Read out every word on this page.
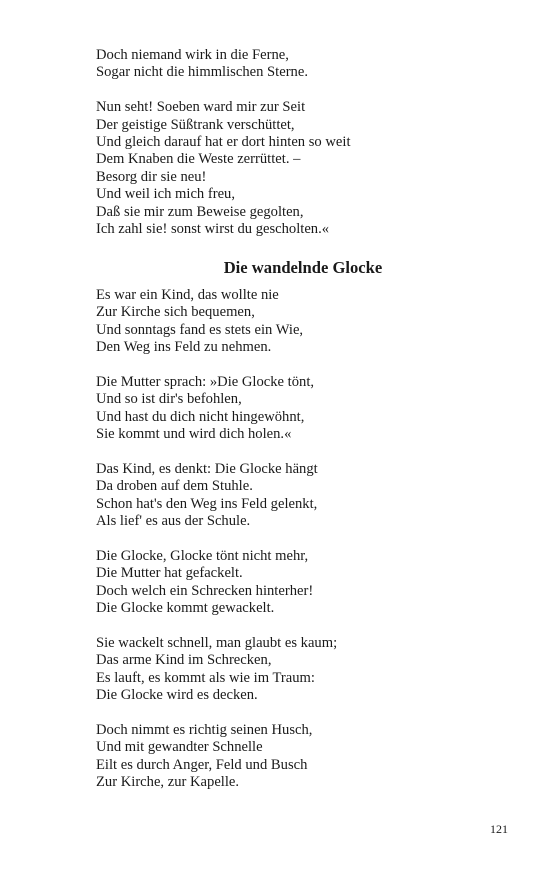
Doch niemand wirk in die Ferne,
Sogar nicht die himmlischen Sterne.
Nun seht! Soeben ward mir zur Seit
Der geistige Süßtrank verschüttet,
Und gleich darauf hat er dort hinten so weit
Dem Knaben die Weste zerrüttet. –
Besorg dir sie neu!
Und weil ich mich freu,
Daß sie mir zum Beweise gegolten,
Ich zahl sie! sonst wirst du gescholten.«
Die wandelnde Glocke
Es war ein Kind, das wollte nie
Zur Kirche sich bequemen,
Und sonntags fand es stets ein Wie,
Den Weg ins Feld zu nehmen.
Die Mutter sprach: »Die Glocke tönt,
Und so ist dir's befohlen,
Und hast du dich nicht hingewöhnt,
Sie kommt und wird dich holen.«
Das Kind, es denkt: Die Glocke hängt
Da droben auf dem Stuhle.
Schon hat's den Weg ins Feld gelenkt,
Als lief' es aus der Schule.
Die Glocke, Glocke tönt nicht mehr,
Die Mutter hat gefackelt.
Doch welch ein Schrecken hinterher!
Die Glocke kommt gewackelt.
Sie wackelt schnell, man glaubt es kaum;
Das arme Kind im Schrecken,
Es lauft, es kommt als wie im Traum:
Die Glocke wird es decken.
Doch nimmt es richtig seinen Husch,
Und mit gewandter Schnelle
Eilt es durch Anger, Feld und Busch
Zur Kirche, zur Kapelle.
121
